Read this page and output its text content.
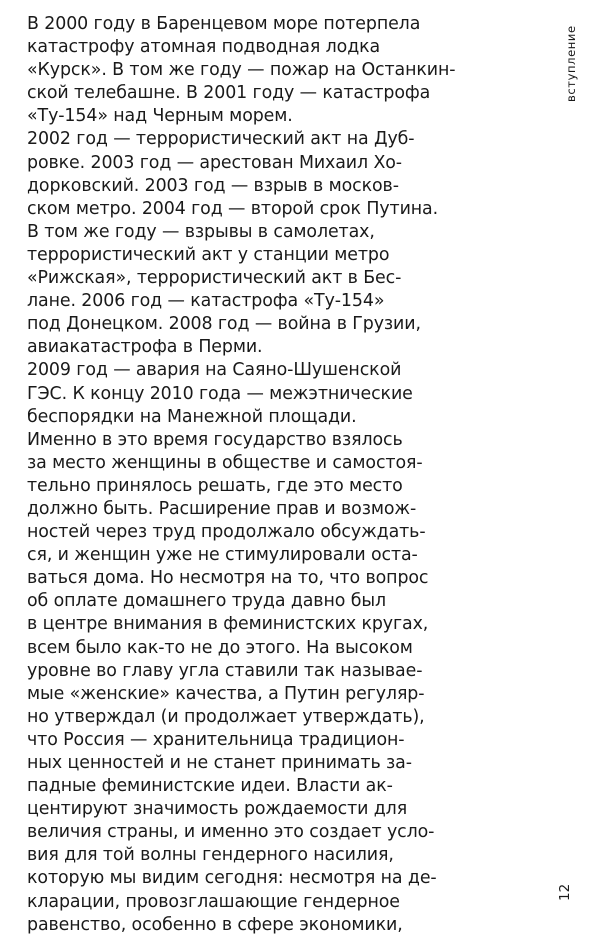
В 2000 году в Баренцевом море потерпела
катастрофу атомная подводная лодка
«Курск». В том же году — пожар на Останкин-
ской телебашне. В 2001 году — катастрофа
«Ту-154» над Черным морем.
2002 год — террористический акт на Дуб-
ровке. 2003 год — арестован Михаил Хо-
дорковский. 2003 год — взрыв в москов-
ском метро. 2004 год — второй срок Путина.
В том же году — взрывы в самолетах,
террористический акт у станции метро
«Рижская», террористический акт в Бес-
лане. 2006 год — катастрофа «Ту-154»
под Донецком. 2008 год — война в Грузии,
авиакатастрофа в Перми.
2009 год — авария на Саяно-Шушенской
ГЭС. К концу 2010 года — межэтнические
беспорядки на Манежной площади.
Именно в это время государство взялось
за место женщины в обществе и самостоя-
тельно принялось решать, где это место
должно быть. Расширение прав и возмож-
ностей через труд продолжало обсуждать-
ся, и женщин уже не стимулировали оста-
ваться дома. Но несмотря на то, что вопрос
об оплате домашнего труда давно был
в центре внимания в феминистских кругах,
всем было как-то не до этого. На высоком
уровне во главу угла ставили так называе-
мые «женские» качества, а Путин регуляр-
но утверждал (и продолжает утверждать),
что Россия — хранительница традицион-
ных ценностей и не станет принимать за-
падные феминистские идеи. Власти ак-
центируют значимость рождаемости для
величия страны, и именно это создает усло-
вия для той волны гендерного насилия,
которую мы видим сегодня: несмотря на де-
кларации, провозглашающие гендерное
равенство, особенно в сфере экономики,
вступление
12
